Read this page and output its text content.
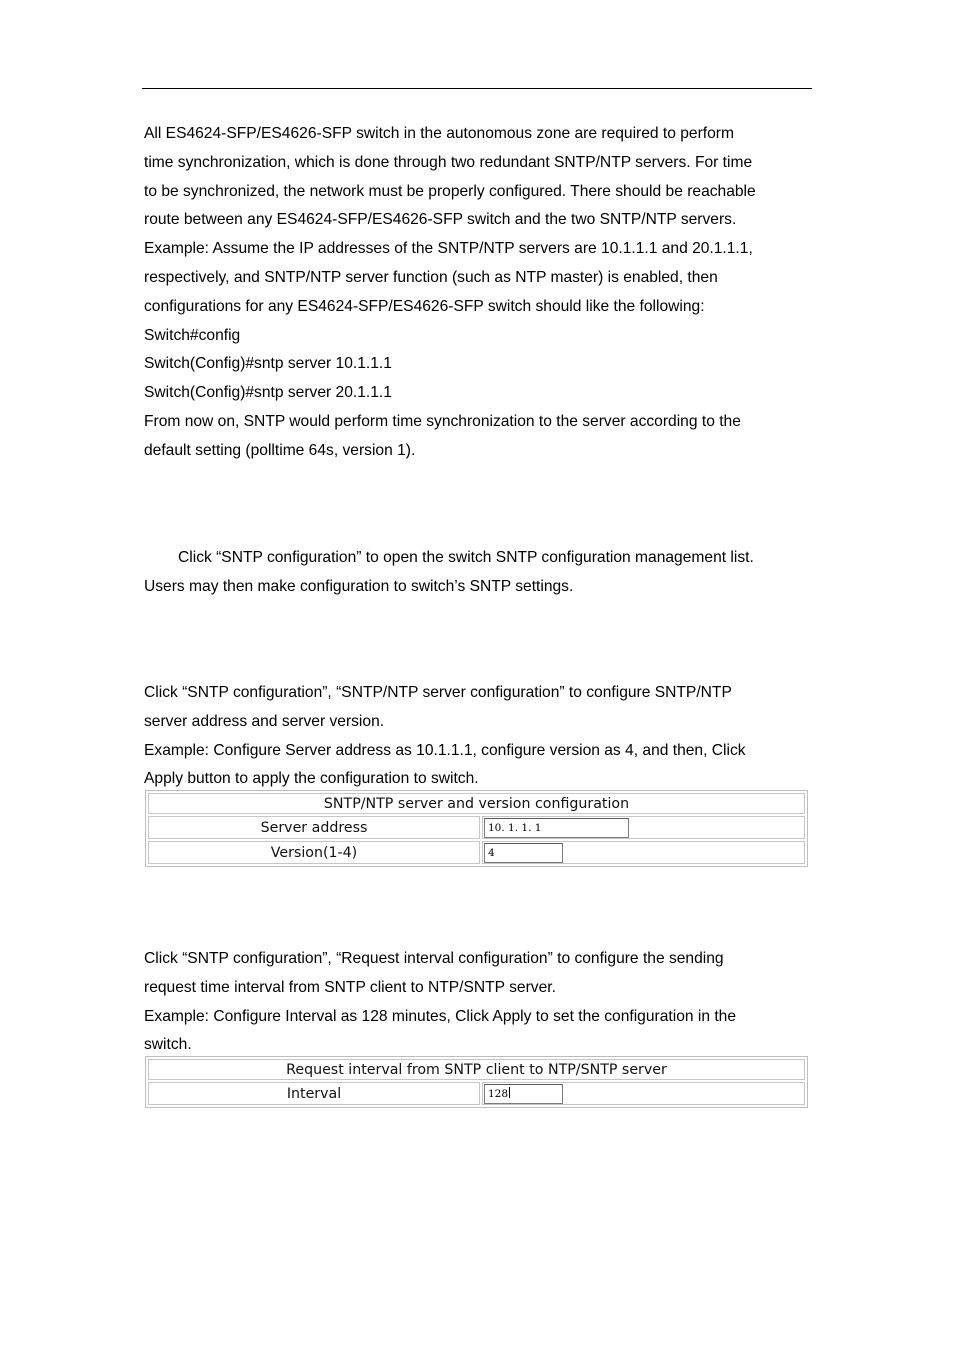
All ES4624-SFP/ES4626-SFP switch in the autonomous zone are required to perform
time synchronization, which is done through two redundant SNTP/NTP servers. For time
to be synchronized, the network must be properly configured. There should be reachable
route between any ES4624-SFP/ES4626-SFP switch and the two SNTP/NTP servers.
Example: Assume the IP addresses of the SNTP/NTP servers are 10.1.1.1 and 20.1.1.1,
respectively, and SNTP/NTP server function (such as NTP master) is enabled, then
configurations for any ES4624-SFP/ES4626-SFP switch should like the following:
Switch#config
Switch(Config)#sntp server 10.1.1.1
Switch(Config)#sntp server 20.1.1.1
From now on, SNTP would perform time synchronization to the server according to the
default setting (polltime 64s, version 1).
Click “SNTP configuration” to open the switch SNTP configuration management list.
Users may then make configuration to switch’s SNTP settings.
Click “SNTP configuration”, “SNTP/NTP server configuration” to configure SNTP/NTP
server address and server version.
Example: Configure Server address as 10.1.1.1, configure version as 4, and then, Click
Apply button to apply the configuration to switch.
SNTP/NTP server and version configuration	
Server address	10. 1. 1. 1
Version(1-4)	4
Click “SNTP configuration”, “Request interval configuration” to configure the sending
request time interval from SNTP client to NTP/SNTP server.
Example: Configure Interval as 128 minutes, Click Apply to set the configuration in the
switch.
Request interval from SNTP client to NTP/SNTP server
Interval	128
